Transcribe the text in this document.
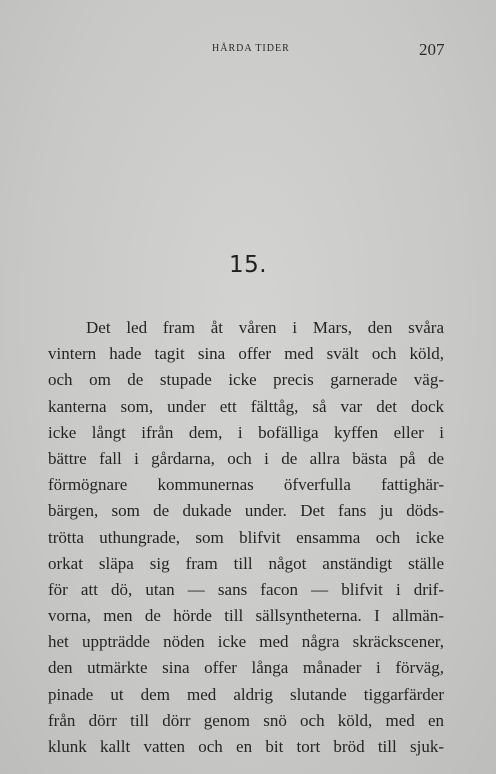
HÅRDA TIDER	207
15.
Det led fram åt våren i Mars, den svåra
vintern hade tagit sina offer med svält och köld,
och om de stupade icke precis garnerade väg-
kanterna som, under ett fälttåg, så var det dock
icke långt ifrån dem, i bofälliga kyffen eller i
bättre fall i gårdarna, och i de allra bästa på de
förmögnare kommunernas öfverfulla fattighär-
bärgen, som de dukade under. Det fans ju döds-
trötta uthungrade, som blifvit ensamma och icke
orkat släpa sig fram till något anständigt ställe
för att dö, utan — sans facon — blifvit i drif-
vorna, men de hörde till sällsyntheterna. I allmän-
het uppträdde nöden icke med några skräckscener,
den utmärkte sina offer långa månader i förväg,
pinade ut dem med aldrig slutande tiggarfärder
från dörr till dörr genom snö och köld, med en
klunk kallt vatten och en bit tort bröd till sjuk-
